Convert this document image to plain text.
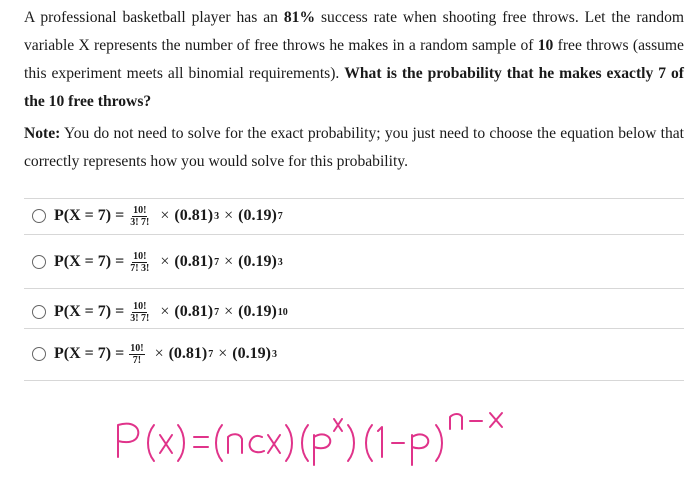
A professional basketball player has an 81% success rate when shooting free throws. Let the random variable X represents the number of free throws he makes in a random sample of 10 free throws (assume this experiment meets all binomial requirements). What is the probability that he makes exactly 7 of the 10 free throws?

Note: You do not need to solve for the exact probability; you just need to choose the equation below that correctly represents how you would solve for this probability.

$P(X = 7) = \frac{10!}{3! 7!} \times (0.81) 3 \times (0.19)$ 7
$P(X = 7) = \frac{10!}{7! 3!} \times (0.81) 7 \times (0.19)$ 3
$P(X = 7) = \frac{10!}{3! 7!} \times (0.81) 7 \times (0.19)$ 10
$P(X = 7) = \frac{10!}{7!} \times (0.81) 7 \times (0.19)$ 3
